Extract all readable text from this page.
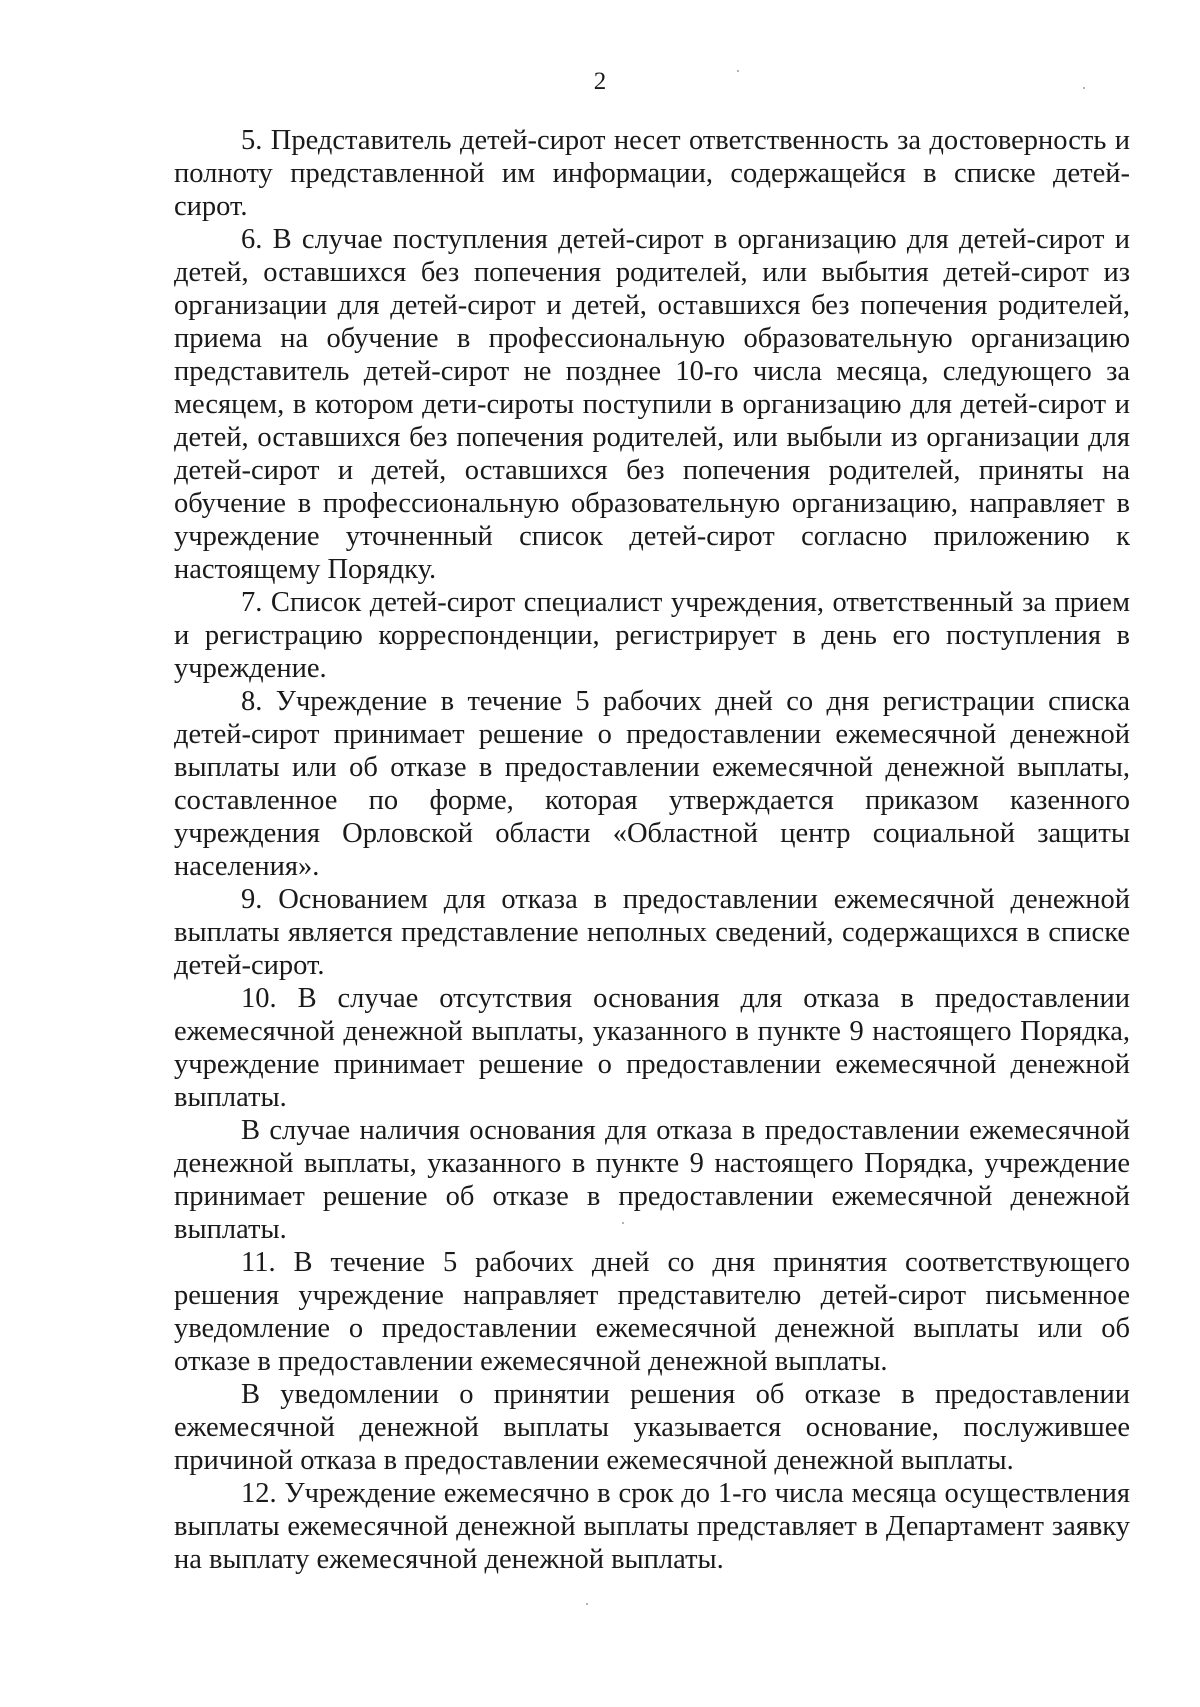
2

5. Представитель детей-сирот несет ответственность за достоверность и полноту представленной им информации, содержащейся в списке детей-сирот.

6. В случае поступления детей-сирот в организацию для детей-сирот и детей, оставшихся без попечения родителей, или выбытия детей-сирот из организации для детей-сирот и детей, оставшихся без попечения родителей, приема на обучение в профессиональную образовательную организацию представитель детей-сирот не позднее 10-го числа месяца, следующего за месяцем, в котором дети-сироты поступили в организацию для детей-сирот и детей, оставшихся без попечения родителей, или выбыли из организации для детей-сирот и детей, оставшихся без попечения родителей, приняты на обучение в профессиональную образовательную организацию, направляет в учреждение уточненный список детей-сирот согласно приложению к настоящему Порядку.

7. Список детей-сирот специалист учреждения, ответственный за прием и регистрацию корреспонденции, регистрирует в день его поступления в учреждение.

8. Учреждение в течение 5 рабочих дней со дня регистрации списка детей-сирот принимает решение о предоставлении ежемесячной денежной выплаты или об отказе в предоставлении ежемесячной денежной выплаты, составленное по форме, которая утверждается приказом казенного учреждения Орловской области «Областной центр социальной защиты населения».

9. Основанием для отказа в предоставлении ежемесячной денежной выплаты является представление неполных сведений, содержащихся в списке детей-сирот.

10. В случае отсутствия основания для отказа в предоставлении ежемесячной денежной выплаты, указанного в пункте 9 настоящего Порядка, учреждение принимает решение о предоставлении ежемесячной денежной выплаты.

В случае наличия основания для отказа в предоставлении ежемесячной денежной выплаты, указанного в пункте 9 настоящего Порядка, учреждение принимает решение об отказе в предоставлении ежемесячной денежной выплаты.

11. В течение 5 рабочих дней со дня принятия соответствующего решения учреждение направляет представителю детей-сирот письменное уведомление о предоставлении ежемесячной денежной выплаты или об отказе в предоставлении ежемесячной денежной выплаты.

В уведомлении о принятии решения об отказе в предоставлении ежемесячной денежной выплаты указывается основание, послужившее причиной отказа в предоставлении ежемесячной денежной выплаты.

12. Учреждение ежемесячно в срок до 1-го числа месяца осуществления выплаты ежемесячной денежной выплаты представляет в Департамент заявку на выплату ежемесячной денежной выплаты.
